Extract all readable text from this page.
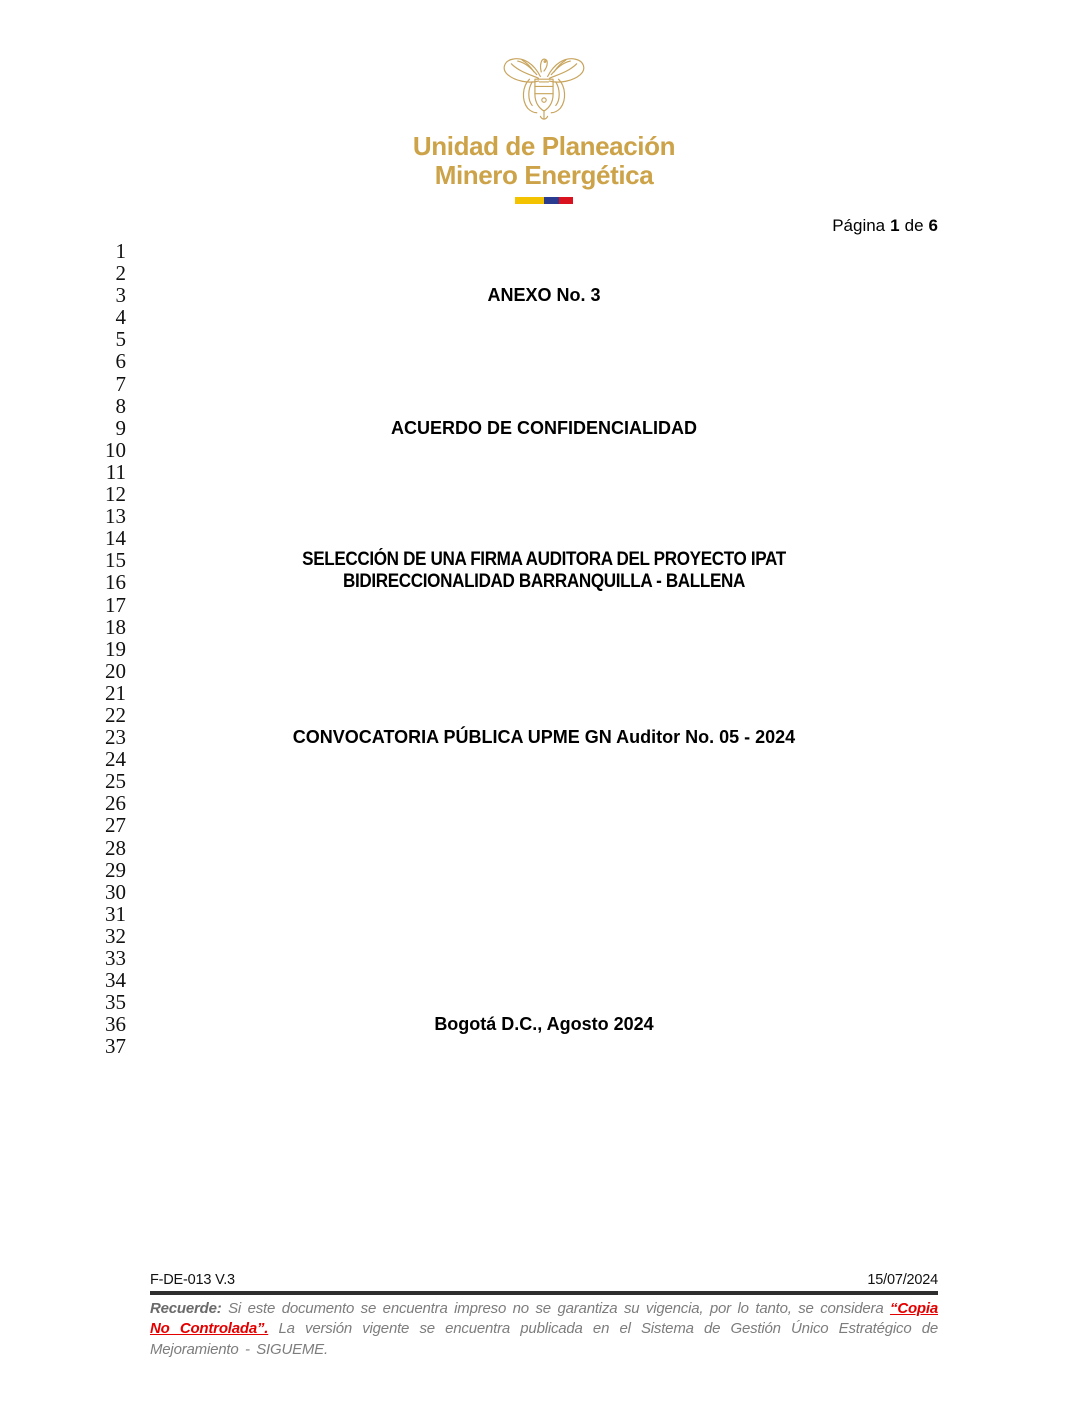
Unidad de Planeación
Minero Energética
Página 1 de 6
1
2
3	ANEXO No. 3
4
5
6
7
8
9	ACUERDO DE CONFIDENCIALIDAD
10
11
12
13
14
15	SELECCIÓN DE UNA FIRMA AUDITORA DEL PROYECTO IPAT
16	BIDIRECCIONALIDAD BARRANQUILLA - BALLENA
17
18
19
20
21
22
23	CONVOCATORIA PÚBLICA UPME GN Auditor No. 05 - 2024
24
25
26
27
28
29
30
31
32
33
34
35
36	Bogotá D.C., Agosto 2024
37
F-DE-013 V.3	15/07/2024

Recuerde: Si este documento se encuentra impreso no se garantiza su vigencia, por lo tanto, se considera “Copia No Controlada”. La versión vigente se encuentra publicada en el Sistema de Gestión Único Estratégico de Mejoramiento - SIGUEME.
